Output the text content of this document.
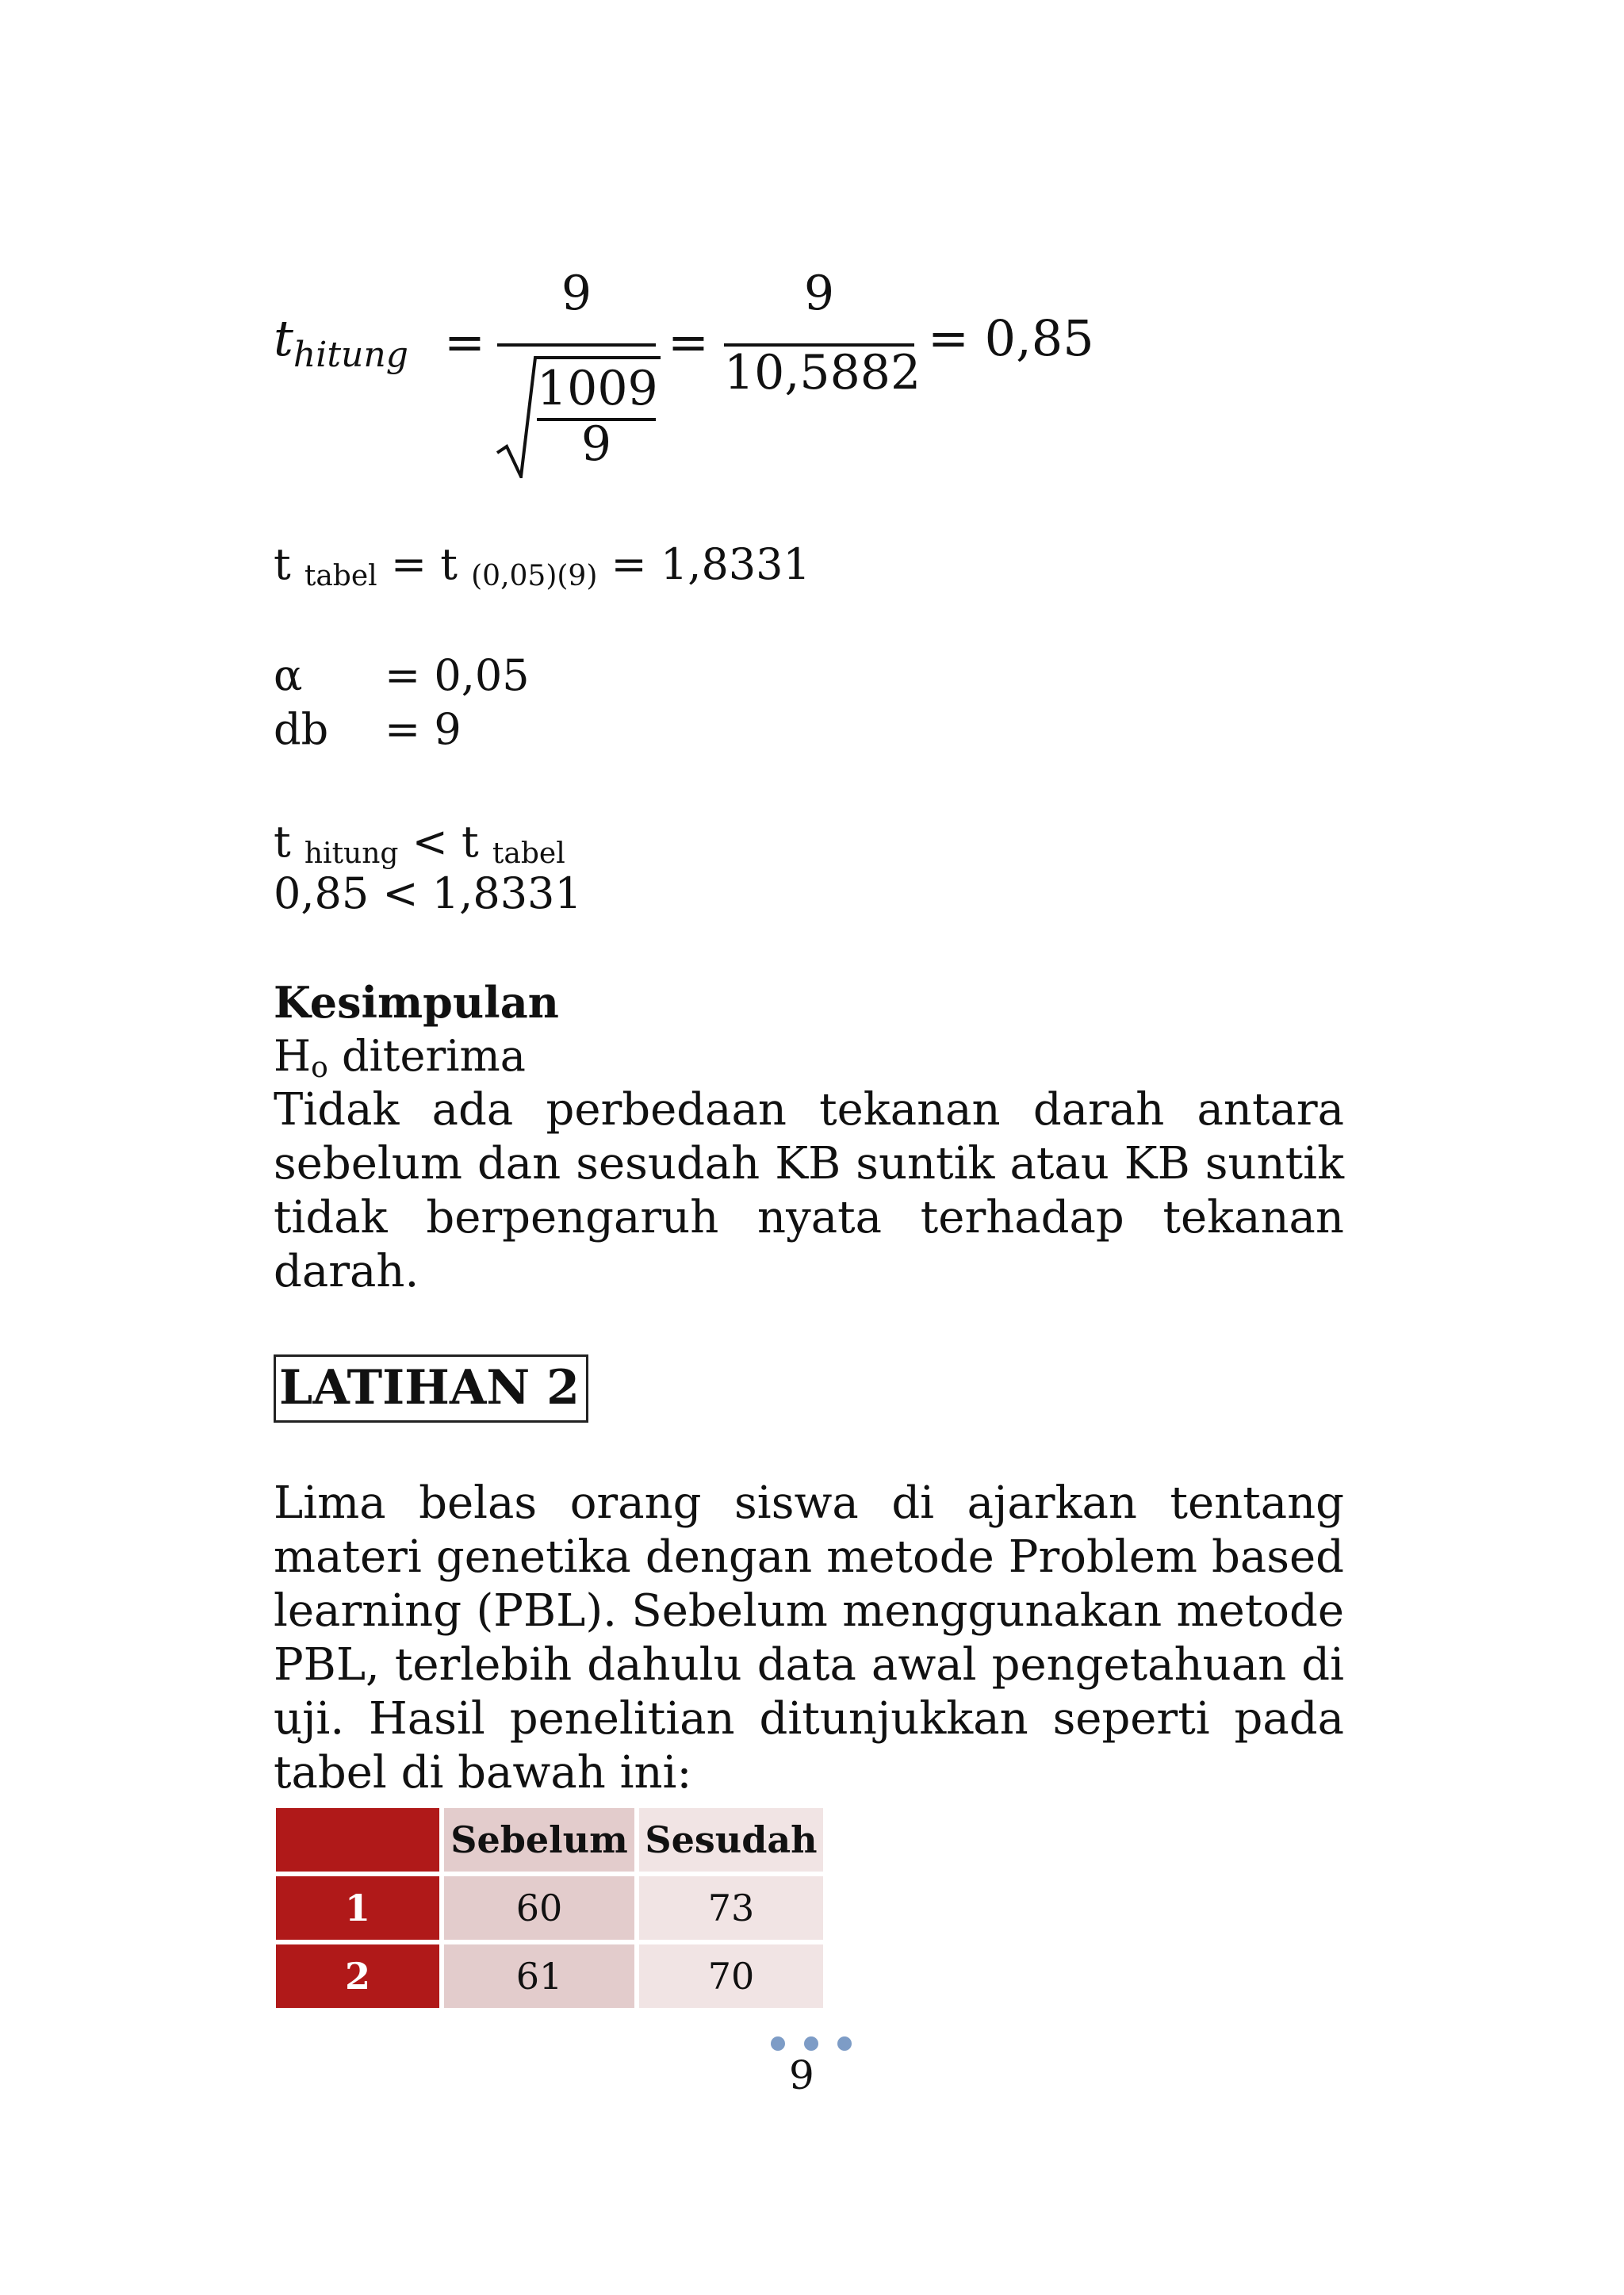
$t_{hitung}$ =
9
1009
9
=
9
10,5882
= 0,85
t $_{tabel}$ = t $_{(0,05)(9)}$ = 1,8331
α = 0,05
db = 9
t $_{hitung}$ < t $_{tabel}$
0,85 < 1,8331
Kesimpulan
$H_o$ diterima
Tidak ada perbedaan tekanan darah antara sebelum dan sesudah KB suntik atau KB suntik tidak berpengaruh nyata terhadap tekanan darah.
LATIHAN 2
Lima belas orang siswa di ajarkan tentang materi genetika dengan metode Problem based learning (PBL). Sebelum menggunakan metode PBL, terlebih dahulu data awal pengetahuan di uji. Hasil penelitian ditunjukkan seperti pada tabel di bawah ini:
	Sebelum	Sesudah
1	60	73
2	61	70
9
